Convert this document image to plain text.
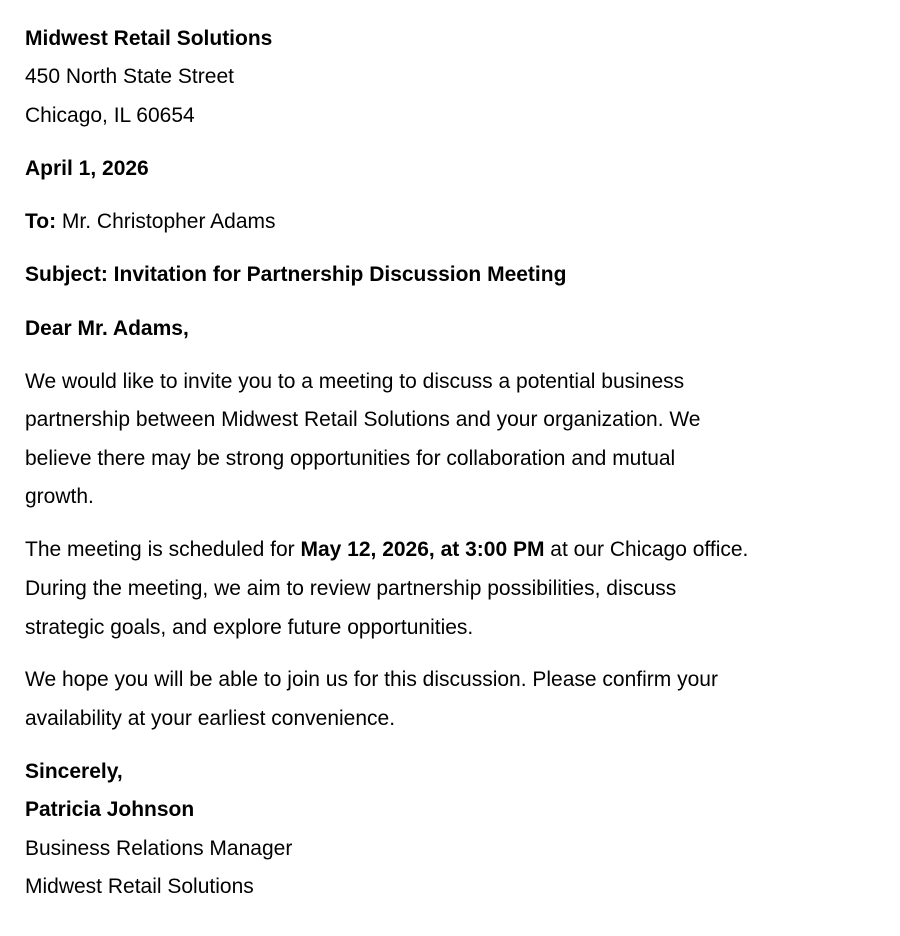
Midwest Retail Solutions
450 North State Street
Chicago, IL 60654
April 1, 2026
To: Mr. Christopher Adams
Subject: Invitation for Partnership Discussion Meeting
Dear Mr. Adams,
We would like to invite you to a meeting to discuss a potential business
partnership between Midwest Retail Solutions and your organization. We
believe there may be strong opportunities for collaboration and mutual
growth.
The meeting is scheduled for May 12, 2026, at 3:00 PM at our Chicago office.
During the meeting, we aim to review partnership possibilities, discuss
strategic goals, and explore future opportunities.
We hope you will be able to join us for this discussion. Please confirm your
availability at your earliest convenience.
Sincerely,
Patricia Johnson
Business Relations Manager
Midwest Retail Solutions
